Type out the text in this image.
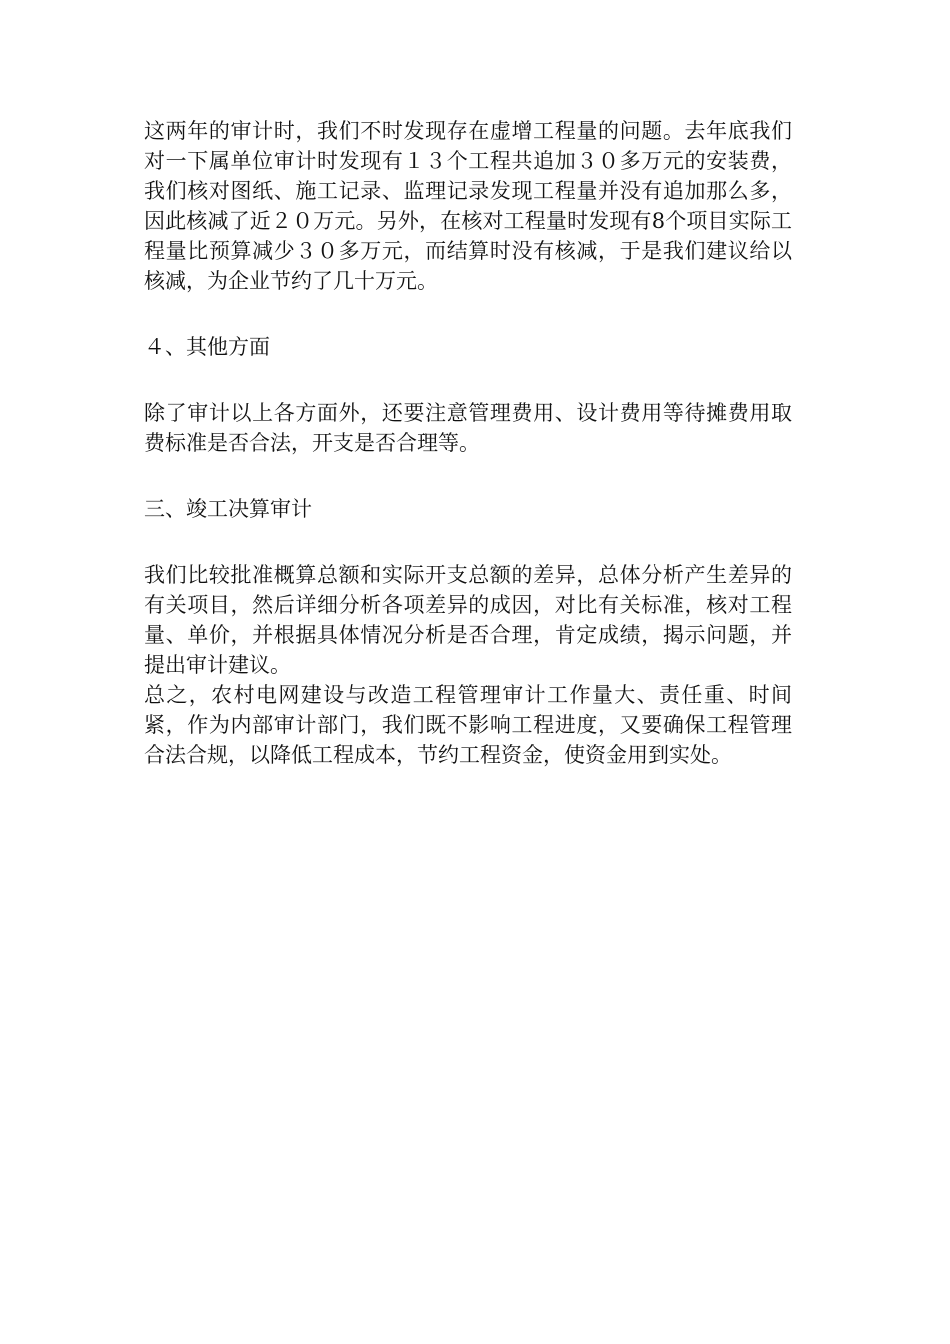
这两年的审计时，我们不时发现存在虚增工程量的问题。去年底我们对一下属单位审计时发现有１３个工程共追加３０多万元的安装费，我们核对图纸、施工记录、监理记录发现工程量并没有追加那么多，因此核减了近２０万元。另外，在核对工程量时发现有8个项目实际工程量比预算减少３０多万元，而结算时没有核减，于是我们建议给以核减，为企业节约了几十万元。

４、其他方面

除了审计以上各方面外，还要注意管理费用、设计费用等待摊费用取费标准是否合法，开支是否合理等。

三、竣工决算审计

我们比较批准概算总额和实际开支总额的差异，总体分析产生差异的有关项目，然后详细分析各项差异的成因，对比有关标准，核对工程量、单价，并根据具体情况分析是否合理，肯定成绩，揭示问题，并提出审计建议。

总之，农村电网建设与改造工程管理审计工作量大、责任重、时间紧，作为内部审计部门，我们既不影响工程进度，又要确保工程管理合法合规，以降低工程成本，节约工程资金，使资金用到实处。
